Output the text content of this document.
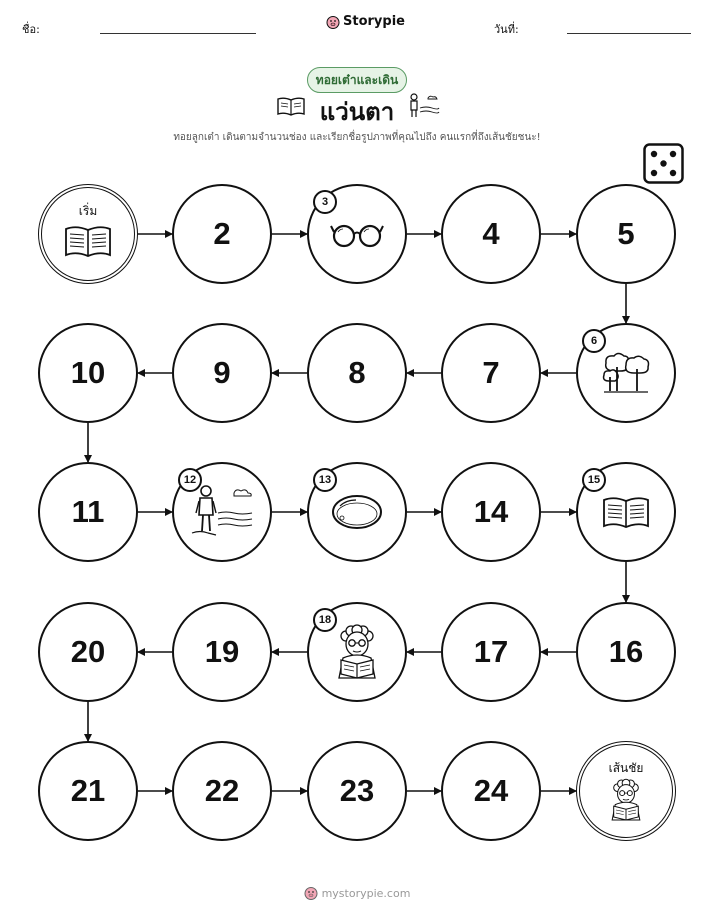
ชื่อ:
Storypie
วันที่:
ทอยเต๋าและเดิน
แว่นตา
ทอยลูกเต๋า เดินตามจำนวนช่อง และเรียกชื่อรูปภาพที่คุณไปถึง คนแรกที่ถึงเส้นชัยชนะ!
เริ่ม
2
3
4	5
6
7
8
9
10
11
12	13
14
15
16
17
18
19
20
21	22	23	24
เส้นชัย
mystorypie.com
